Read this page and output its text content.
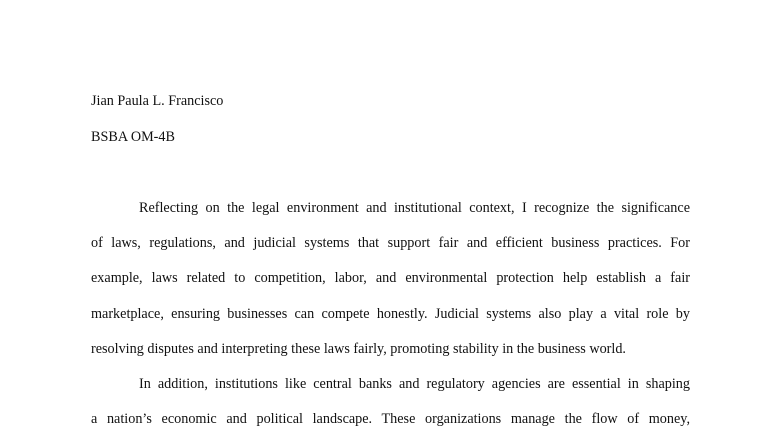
Jian Paula L. Francisco
BSBA OM-4B
Reflecting on the legal environment and institutional context, I recognize the significance
of laws, regulations, and judicial systems that support fair and efficient business practices. For
example, laws related to competition, labor, and environmental protection help establish a fair
marketplace, ensuring businesses can compete honestly. Judicial systems also play a vital role by
resolving disputes and interpreting these laws fairly, promoting stability in the business world.
In addition, institutions like central banks and regulatory agencies are essential in shaping
a nation’s economic and political landscape. These organizations manage the flow of money,
